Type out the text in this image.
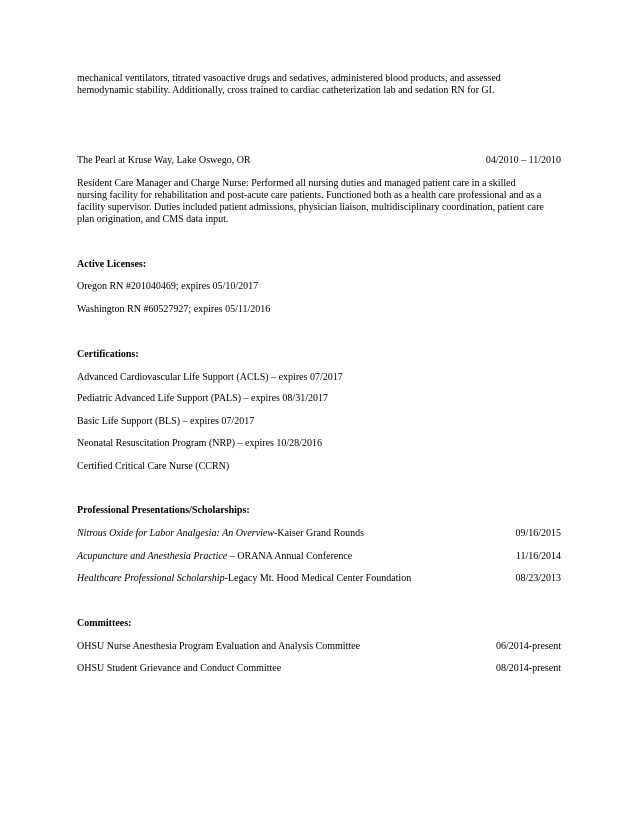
mechanical ventilators, titrated vasoactive drugs and sedatives, administered blood products, and assessed

hemodynamic stability. Additionally, cross trained to cardiac catheterization lab and sedation RN for GI.

The Pearl at Kruse Way, Lake Oswego, OR	04/2010 – 11/2010

Resident Care Manager and Charge Nurse: Performed all nursing duties and managed patient care in a skilled

nursing facility for rehabilitation and post-acute care patients. Functioned both as a health care professional and as a

facility supervisor. Duties included patient admissions, physician liaison, multidisciplinary coordination, patient care

plan origination, and CMS data input.

Active Licenses:

Oregon RN #201040469; expires 05/10/2017

Washington RN #60527927; expires 05/11/2016

Certifications:

Advanced Cardiovascular Life Support (ACLS) – expires 07/2017

Pediatric Advanced Life Support (PALS) – expires 08/31/2017

Basic Life Support (BLS) – expires 07/2017

Neonatal Resuscitation Program (NRP) – expires 10/28/2016

Certified Critical Care Nurse (CCRN)

Professional Presentations/Scholarships:

Nitrous Oxide for Labor Analgesia: An Overview-Kaiser Grand Rounds	09/16/2015
Acupuncture and Anesthesia Practice – ORANA Annual Conference	11/16/2014
Healthcare Professional Scholarship-Legacy Mt. Hood Medical Center Foundation	08/23/2013

Committees:

OHSU Nurse Anesthesia Program Evaluation and Analysis Committee	06/2014-present
OHSU Student Grievance and Conduct Committee	08/2014-present
